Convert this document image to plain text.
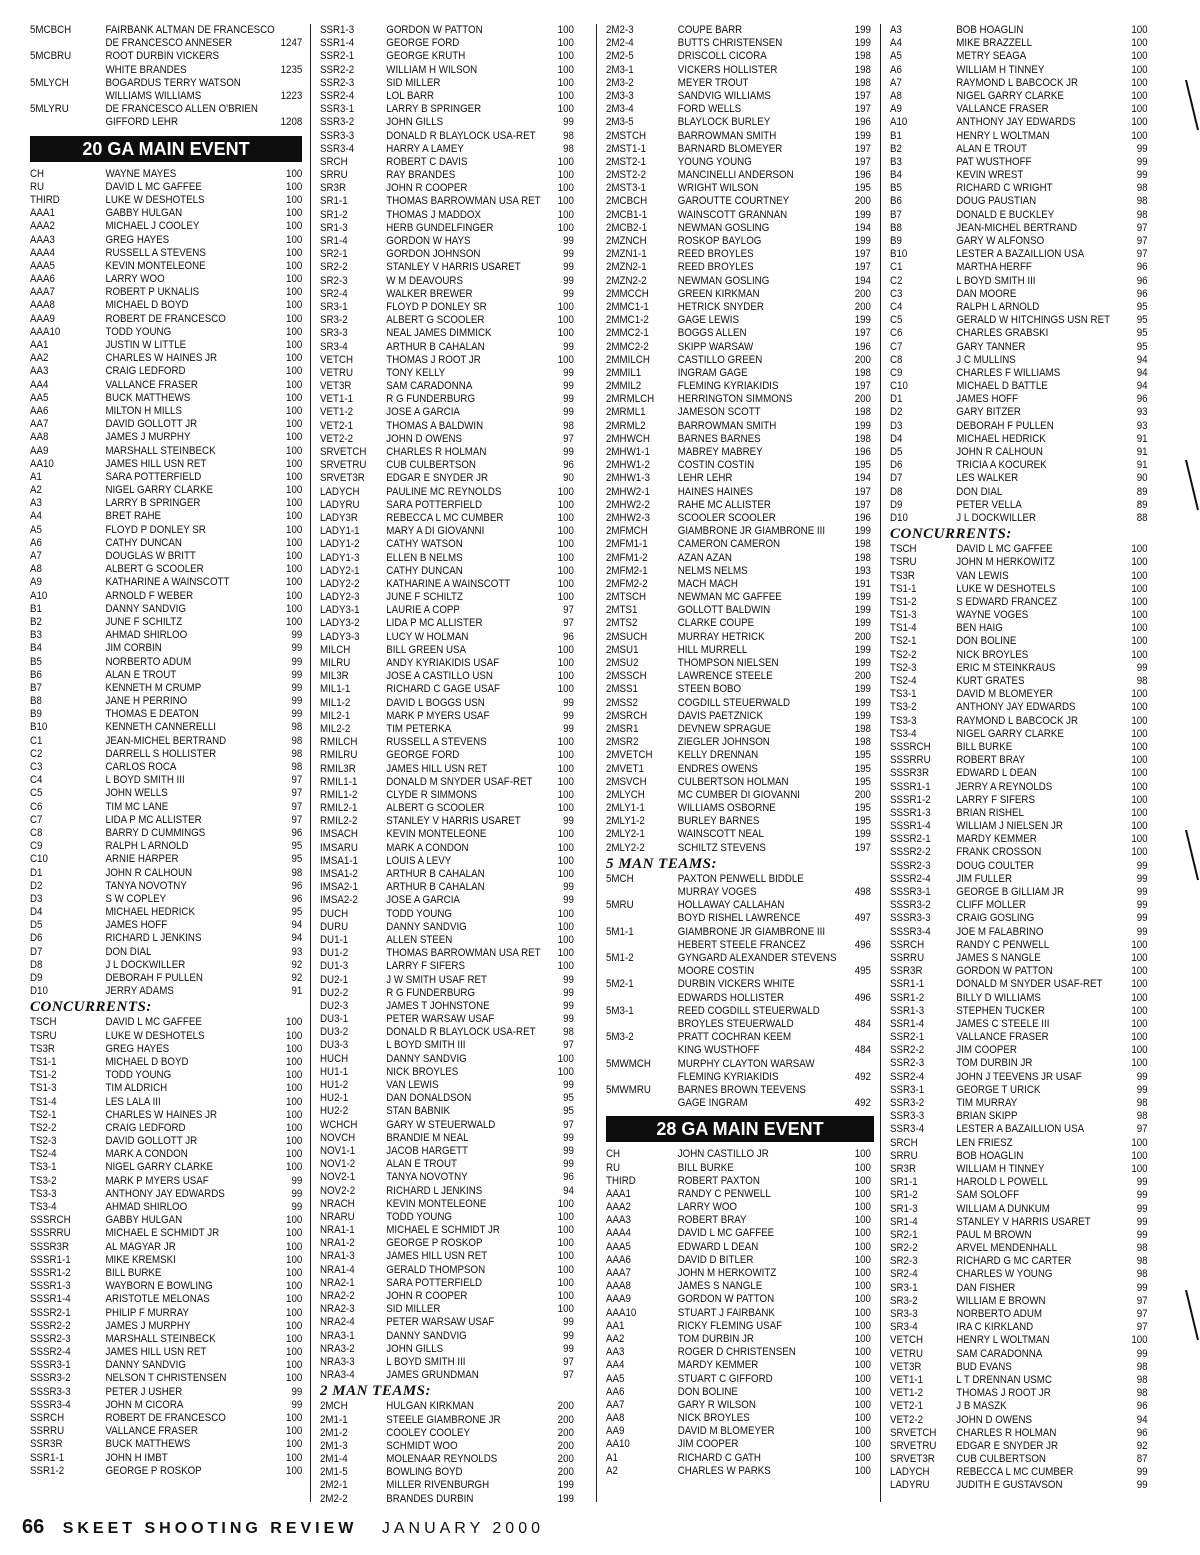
5MCBCH	FAIRBANK ALTMAN DE FRANCESCO
DE FRANCESCO ANNESER	1247
5MCBRU	ROOT DURBIN VICKERS
WHITE BRANDES	1235
5MLYCH	BOGARDUS TERRY WATSON
WILLIAMS WILLIAMS	1223
5MLYRU	DE FRANCESCO ALLEN O'BRIEN
GIFFORD LEHR	1208
20 GA MAIN EVENT
CH	WAYNE MAYES	100
RU	DAVID L MC GAFFEE	100
THIRD	LUKE W DESHOTELS	100
AAA1	GABBY HULGAN	100
AAA2	MICHAEL J COOLEY	100
AAA3	GREG HAYES	100
AAA4	RUSSELL A STEVENS	100
AAA5	KEVIN MONTELEONE	100
AAA6	LARRY WOO	100
AAA7	ROBERT P UKNALIS	100
AAA8	MICHAEL D BOYD	100
AAA9	ROBERT DE FRANCESCO	100
AAA10	TODD YOUNG	100
AA1	JUSTIN W LITTLE	100
AA2	CHARLES W HAINES JR	100
AA3	CRAIG LEDFORD	100
AA4	VALLANCE FRASER	100
AA5	BUCK MATTHEWS	100
AA6	MILTON H MILLS	100
AA7	DAVID GOLLOTT JR	100
AA8	JAMES J MURPHY	100
AA9	MARSHALL STEINBECK	100
AA10	JAMES HILL USN RET	100
A1	SARA POTTERFIELD	100
A2	NIGEL GARRY CLARKE	100
A3	LARRY B SPRINGER	100
A4	BRET RAHE	100
A5	FLOYD P DONLEY SR	100
A6	CATHY DUNCAN	100
A7	DOUGLAS W BRITT	100
A8	ALBERT G SCOOLER	100
A9	KATHARINE A WAINSCOTT	100
A10	ARNOLD F WEBER	100
B1	DANNY SANDVIG	100
B2	JUNE F SCHILTZ	100
B3	AHMAD SHIRLOO	99
B4	JIM CORBIN	99
B5	NORBERTO ADUM	99
B6	ALAN E TROUT	99
B7	KENNETH M CRUMP	99
B8	JANE H PERRINO	99
B9	THOMAS E DEATON	99
B10	KENNETH CANNERELLI	98
C1	JEAN-MICHEL BERTRAND	98
C2	DARRELL S HOLLISTER	98
C3	CARLOS ROCA	98
C4	L BOYD SMITH III	97
C5	JOHN WELLS	97
C6	TIM MC LANE	97
C7	LIDA P MC ALLISTER	97
C8	BARRY D CUMMINGS	96
C9	RALPH L ARNOLD	95
C10	ARNIE HARPER	95
D1	JOHN R CALHOUN	98
D2	TANYA NOVOTNY	96
D3	S W COPLEY	96
D4	MICHAEL HEDRICK	95
D5	JAMES HOFF	94
D6	RICHARD L JENKINS	94
D7	DON DIAL	93
D8	J L DOCKWILLER	92
D9	DEBORAH F PULLEN	92
D10	JERRY ADAMS	91
CONCURRENTS:
TSCH	DAVID L MC GAFFEE	100
TSRU	LUKE W DESHOTELS	100
TS3R	GREG HAYES	100
TS1-1	MICHAEL D BOYD	100
TS1-2	TODD YOUNG	100
TS1-3	TIM ALDRICH	100
TS1-4	LES LALA III	100
TS2-1	CHARLES W HAINES JR	100
TS2-2	CRAIG LEDFORD	100
TS2-3	DAVID GOLLOTT JR	100
TS2-4	MARK A CONDON	100
TS3-1	NIGEL GARRY CLARKE	100
TS3-2	MARK P MYERS USAF	99
TS3-3	ANTHONY JAY EDWARDS	99
TS3-4	AHMAD SHIRLOO	99
SSSRCH	GABBY HULGAN	100
SSSRRU	MICHAEL E SCHMIDT JR	100
SSSR3R	AL MAGYAR JR	100
SSSR1-1	MIKE KREMSKI	100
SSSR1-2	BILL BURKE	100
SSSR1-3	WAYBORN E BOWLING	100
SSSR1-4	ARISTOTLE MELONAS	100
SSSR2-1	PHILIP F MURRAY	100
SSSR2-2	JAMES J MURPHY	100
SSSR2-3	MARSHALL STEINBECK	100
SSSR2-4	JAMES HILL USN RET	100
SSSR3-1	DANNY SANDVIG	100
SSSR3-2	NELSON T CHRISTENSEN	100
SSSR3-3	PETER J USHER	99
SSSR3-4	JOHN M CICORA	99
SSRCH	ROBERT DE FRANCESCO	100
SSRRU	VALLANCE FRASER	100
SSR3R	BUCK MATTHEWS	100
SSR1-1	JOHN H IMBT	100
SSR1-2	GEORGE P ROSKOP	100
SSR1-3	GORDON W PATTON	100
SSR1-4	GEORGE FORD	100
SSR2-1	GEORGE KRUTH	100
SSR2-2	WILLIAM H WILSON	100
SSR2-3	SID MILLER	100
SSR2-4	LOL BARR	100
SSR3-1	LARRY B SPRINGER	100
SSR3-2	JOHN GILLS	99
SSR3-3	DONALD R BLAYLOCK USA-RET	98
SSR3-4	HARRY A LAMEY	98
SRCH	ROBERT C DAVIS	100
SRRU	RAY BRANDES	100
SR3R	JOHN R COOPER	100
SR1-1	THOMAS BARROWMAN USA RET	100
SR1-2	THOMAS J MADDOX	100
SR1-3	HERB GUNDELFINGER	100
SR1-4	GORDON W HAYS	99
SR2-1	GORDON JOHNSON	99
SR2-2	STANLEY V HARRIS USARET	99
SR2-3	W M DEAVOURS	99
SR2-4	WALKER BREWER	99
SR3-1	FLOYD P DONLEY SR	100
SR3-2	ALBERT G SCOOLER	100
SR3-3	NEAL JAMES DIMMICK	100
SR3-4	ARTHUR B CAHALAN	99
VETCH	THOMAS J ROOT JR	100
VETRU	TONY KELLY	99
VET3R	SAM CARADONNA	99
VET1-1	R G FUNDERBURG	99
VET1-2	JOSE A GARCIA	99
VET2-1	THOMAS A BALDWIN	98
VET2-2	JOHN D OWENS	97
SRVETCH CHARLES R HOLMAN	99
SRVETRU CUB CULBERTSON	96
SRVET3R EDGAR E SNYDER JR	90
LADYCH	PAULINE MC REYNOLDS	100
LADYRU	SARA POTTERFIELD	100
LADY3R	REBECCA L MC CUMBER	100
LADY1-1	MARY A DI GIOVANNI	100
LADY1-2	CATHY WATSON	100
LADY1-3	ELLEN B NELMS	100
LADY2-1	CATHY DUNCAN	100
LADY2-2	KATHARINE A WAINSCOTT	100
LADY2-3	JUNE F SCHILTZ	100
LADY3-1	LAURIE A COPP	97
LADY3-2	LIDA P MC ALLISTER	97
LADY3-3	LUCY W HOLMAN	96
MILCH	BILL GREEN USA	100
MILRU	ANDY KYRIAKIDIS USAF	100
MIL3R	JOSE A CASTILLO USN	100
MIL1-1	RICHARD C GAGE USAF	100
MIL1-2	DAVID L BOGGS USN	99
MIL2-1	MARK P MYERS USAF	99
MIL2-2	TIM PETERKA	99
RMILCH	RUSSELL A STEVENS	100
RMILRU	GEORGE FORD	100
RMIL3R	JAMES HILL USN RET	100
RMIL1-1	DONALD M SNYDER USAF-RET	100
RMIL1-2	CLYDE R SIMMONS	100
RMIL2-1	ALBERT G SCOOLER	100
RMIL2-2	STANLEY V HARRIS USARET	99
IMSACH	KEVIN MONTELEONE	100
IMSARU	MARK A CONDON	100
IMSA1-1	LOUIS A LEVY	100
IMSA1-2	ARTHUR B CAHALAN	100
IMSA2-1	ARTHUR B CAHALAN	99
IMSA2-2	JOSE A GARCIA	99
DUCH	TODD YOUNG	100
DURU	DANNY SANDVIG	100
DU1-1	ALLEN STEEN	100
DU1-2	THOMAS BARROWMAN USA RET	100
DU1-3	LARRY F SIFERS	100
DU2-1	J W SMITH USAF RET	99
DU2-2	R G FUNDERBURG	99
DU2-3	JAMES T JOHNSTONE	99
DU3-1	PETER WARSAW USAF	99
DU3-2	DONALD R BLAYLOCK USA-RET	98
DU3-3	L BOYD SMITH III	97
HUCH	DANNY SANDVIG	100
HU1-1	NICK BROYLES	100
HU1-2	VAN LEWIS	99
HU2-1	DAN DONALDSON	95
HU2-2	STAN BABNIK	95
WCHCH	GARY W STEUERWALD	97
NOVCH	BRANDIE M NEAL	99
NOV1-1	JACOB HARGETT	99
NOV1-2	ALAN E TROUT	99
NOV2-1	TANYA NOVOTNY	96
NOV2-2	RICHARD L JENKINS	94
NRACH	KEVIN MONTELEONE	100
NRARU	TODD YOUNG	100
NRA1-1	MICHAEL E SCHMIDT JR	100
NRA1-2	GEORGE P ROSKOP	100
NRA1-3	JAMES HILL USN RET	100
NRA1-4	GERALD THOMPSON	100
NRA2-1	SARA POTTERFIELD	100
NRA2-2	JOHN R COOPER	100
NRA2-3	SID MILLER	100
NRA2-4	PETER WARSAW USAF	99
NRA3-1	DANNY SANDVIG	99
NRA3-2	JOHN GILLS	99
NRA3-3	L BOYD SMITH III	97
NRA3-4	JAMES GRUNDMAN	97
2 MAN TEAMS:
2MCH	HULGAN KIRKMAN	200
2M1-1	STEELE GIAMBRONE JR	200
2M1-2	COOLEY COOLEY	200
2M1-3	SCHMIDT WOO	200
2M1-4	MOLENAAR REYNOLDS	200
2M1-5	BOWLING BOYD	200
2M2-1	MILLER RIVENBURGH	199
2M2-2	BRANDES DURBIN	199
2M2-3	COUPE BARR	199
2M2-4	BUTTS CHRISTENSEN	199
2M2-5	DRISCOLL CICORA	198
2M3-1	VICKERS HOLLISTER	198
2M3-2	MEYER TROUT	198
2M3-3	SANDVIG WILLIAMS	197
2M3-4	FORD WELLS	197
2M3-5	BLAYLOCK BURLEY	196
2MSTCH	BARROWMAN SMITH	199
2MST1-1	BARNARD BLOMEYER	197
2MST2-1	YOUNG YOUNG	197
2MST2-2	MANCINELLI ANDERSON	196
2MST3-1	WRIGHT WILSON	195
2MCBCH	GAROUTTE COURTNEY	200
2MCB1-1	WAINSCOTT GRANNAN	199
2MCB2-1	NEWMAN GOSLING	194
2MZNCH	ROSKOP BAYLOG	199
2MZN1-1	REED BROYLES	197
2MZN2-1	REED BROYLES	197
2MZN2-2	NEWMAN GOSLING	194
2MMCCH	GREEN KIRKMAN	200
2MMC1-1	HETRICK SNYDER	200
2MMC1-2	GAGE LEWIS	199
2MMC2-1	BOGGS ALLEN	197
2MMC2-2	SKIPP WARSAW	196
2MMILCH	CASTILLO GREEN	200
2MMIL1	INGRAM GAGE	198
2MMIL2	FLEMING KYRIAKIDIS	197
2MRMLCH HERRINGTON SIMMONS	200
2MRML1	JAMESON SCOTT	198
2MRML2	BARROWMAN SMITH	199
2MHWCH	BARNES BARNES	198
2MHW1-1	MABREY MABREY	196
2MHW1-2	COSTIN COSTIN	195
2MHW1-3	LEHR LEHR	194
2MHW2-1	HAINES HAINES	197
2MHW2-2	RAHE MC ALLISTER	197
2MHW2-3	SCOOLER SCOOLER	196
2MFMCH	GIAMBRONE JR GIAMBRONE III	199
2MFM1-1	CAMERON CAMERON	198
2MFM1-2	AZAN AZAN	198
2MFM2-1	NELMS NELMS	193
2MFM2-2	MACH MACH	191
2MTSCH	NEWMAN MC GAFFEE	199
2MTS1	GOLLOTT BALDWIN	199
2MTS2	CLARKE COUPE	199
2MSUCH	MURRAY HETRICK	200
2MSU1	HILL MURRELL	199
2MSU2	THOMPSON NIELSEN	199
2MSSCH	LAWRENCE STEELE	200
2MSS1	STEEN BOBO	199
2MSS2	COGDILL STEUERWALD	199
2MSRCH	DAVIS PAETZNICK	199
2MSR1	DEVNEW SPRAGUE	198
2MSR2	ZIEGLER JOHNSON	198
2MVETCH KELLY DRENNAN	195
2MVET1	ENDRES OWENS	195
2MSVCH	CULBERTSON HOLMAN	195
2MLYCH	MC CUMBER DI GIOVANNI	200
2MLY1-1	WILLIAMS OSBORNE	195
2MLY1-2	BURLEY BARNES	195
2MLY2-1	WAINSCOTT NEAL	199
2MLY2-2	SCHILTZ STEVENS	197
5 MAN TEAMS:
5MCH	PAXTON PENWELL BIDDLE
MURRAY VOGES	498
5MRU	HOLLAWAY CALLAHAN
BOYD RISHEL LAWRENCE	497
5M1-1	GIAMBRONE JR GIAMBRONE III
HEBERT STEELE FRANCEZ	496
5M1-2	GYNGARD ALEXANDER STEVENS
MOORE COSTIN	495
5M2-1	DURBIN VICKERS WHITE
EDWARDS HOLLISTER	496
5M3-1	REED COGDILL STEUERWALD
BROYLES STEUERWALD	484
5M3-2	PRATT COCHRAN KEEM
KING WUSTHOFF	484
5MWMCH	MURPHY CLAYTON WARSAW
FLEMING KYRIAKIDIS	492
5MWMRU	BARNES BROWN TEEVENS
GAGE INGRAM	492
28 GA MAIN EVENT
CH	JOHN CASTILLO JR	100
RU	BILL BURKE	100
THIRD	ROBERT PAXTON	100
AAA1	RANDY C PENWELL	100
AAA2	LARRY WOO	100
AAA3	ROBERT BRAY	100
AAA4	DAVID L MC GAFFEE	100
AAA5	EDWARD L DEAN	100
AAA6	DAVID D BITLER	100
AAA7	JOHN M HERKOWITZ	100
AAA8	JAMES S NANGLE	100
AAA9	GORDON W PATTON	100
AAA10	STUART J FAIRBANK	100
AA1	RICKY FLEMING USAF	100
AA2	TOM DURBIN JR	100
AA3	ROGER D CHRISTENSEN	100
AA4	MARDY KEMMER	100
AA5	STUART C GIFFORD	100
AA6	DON BOLINE	100
AA7	GARY R WILSON	100
AA8	NICK BROYLES	100
AA9	DAVID M BLOMEYER	100
AA10	JIM COOPER	100
A1	RICHARD C GATH	100
A2	CHARLES W PARKS	100
A3	BOB HOAGLIN	100
A4	MIKE BRAZZELL	100
A5	METRY SEAGA	100
A6	WILLIAM H TINNEY	100
A7	RAYMOND L BABCOCK JR	100
A8	NIGEL GARRY CLARKE	100
A9	VALLANCE FRASER	100
A10	ANTHONY JAY EDWARDS	100
B1	HENRY L WOLTMAN	100
B2	ALAN E TROUT	99
B3	PAT WUSTHOFF	99
B4	KEVIN WREST	99
B5	RICHARD C WRIGHT	98
B6	DOUG PAUSTIAN	98
B7	DONALD E BUCKLEY	98
B8	JEAN-MICHEL BERTRAND	97
B9	GARY W ALFONSO	97
B10	LESTER A BAZAILLION USA	97
C1	MARTHA HERFF	96
C2	L BOYD SMITH III	96
C3	DAN MOORE	96
C4	RALPH L ARNOLD	95
C5	GERALD W HITCHINGS USN RET	95
C6	CHARLES GRABSKI	95
C7	GARY TANNER	95
C8	J C MULLINS	94
C9	CHARLES F WILLIAMS	94
C10	MICHAEL D BATTLE	94
D1	JAMES HOFF	96
D2	GARY BITZER	93
D3	DEBORAH F PULLEN	93
D4	MICHAEL HEDRICK	91
D5	JOHN R CALHOUN	91
D6	TRICIA A KOCUREK	91
D7	LES WALKER	90
D8	DON DIAL	89
D9	PETER VELLA	89
D10	J L DOCKWILLER	88
CONCURRENTS:
TSCH	DAVID L MC GAFFEE	100
TSRU	JOHN M HERKOWITZ	100
TS3R	VAN LEWIS	100
TS1-1	LUKE W DESHOTELS	100
TS1-2	S EDWARD FRANCEZ	100
TS1-3	WAYNE VOGES	100
TS1-4	BEN HAIG	100
TS2-1	DON BOLINE	100
TS2-2	NICK BROYLES	100
TS2-3	ERIC M STEINKRAUS	99
TS2-4	KURT GRATES	98
TS3-1	DAVID M BLOMEYER	100
TS3-2	ANTHONY JAY EDWARDS	100
TS3-3	RAYMOND L BABCOCK JR	100
TS3-4	NIGEL GARRY CLARKE	100
SSSRCH BILL BURKE	100
SSSRRU ROBERT BRAY	100
SSSR3R	EDWARD L DEAN	100
SSSR1-1 JERRY A REYNOLDS	100
SSSR1-2 LARRY F SIFERS	100
SSSR1-3 BRIAN RISHEL	100
SSSR1-4 WILLIAM J NIELSEN JR	100
SSSR2-1 MARDY KEMMER	100
SSSR2-2 FRANK CROSSON	100
SSSR2-3 DOUG COULTER	99
SSSR2-4 JIM FULLER	99
SSSR3-1 GEORGE B GILLIAM JR	99
SSSR3-2 CLIFF MOLLER	99
SSSR3-3 CRAIG GOSLING	99
SSSR3-4 JOE M FALABRINO	99
SSRCH	RANDY C PENWELL	100
SSRRU	JAMES S NANGLE	100
SSR3R	GORDON W PATTON	100
SSR1-1	DONALD M SNYDER USAF-RET	100
SSR1-2	BILLY D WILLIAMS	100
SSR1-3	STEPHEN TUCKER	100
SSR1-4	JAMES C STEELE III	100
SSR2-1	VALLANCE FRASER	100
SSR2-2	JIM COOPER	100
SSR2-3	TOM DURBIN JR	100
SSR2-4	JOHN J TEEVENS JR USAF	99
SSR3-1	GEORGE T URICK	99
SSR3-2	TIM MURRAY	98
SSR3-3	BRIAN SKIPP	98
SSR3-4	LESTER A BAZAILLION USA	97
SRCH	LEN FRIESZ	100
SRRU	BOB HOAGLIN	100
SR3R	WILLIAM H TINNEY	100
SR1-1	HAROLD L POWELL	99
SR1-2	SAM SOLOFF	99
SR1-3	WILLIAM A DUNKUM	99
SR1-4	STANLEY V HARRIS USARET	99
SR2-1	PAUL M BROWN	99
SR2-2	ARVEL MENDENHALL	98
SR2-3	RICHARD G MC CARTER	98
SR2-4	CHARLES W YOUNG	98
SR3-1	DAN FISHER	99
SR3-2	WILLIAM E BROWN	97
SR3-3	NORBERTO ADUM	97
SR3-4	IRA C KIRKLAND	97
VETCH	HENRY L WOLTMAN	100
VETRU	SAM CARADONNA	99
VET3R	BUD EVANS	98
VET1-1	L T DRENNAN USMC	98
VET1-2	THOMAS J ROOT JR	98
VET2-1	J B MASZK	96
VET2-2	JOHN D OWENS	94
SRVETCH CHARLES R HOLMAN	96
SRVETRU EDGAR E SNYDER JR	92
SRVET3R CUB CULBERTSON	87
LADYCH	REBECCA L MC CUMBER	99
LADYRU	JUDITH E GUSTAVSON	99
66 SKEET SHOOTING REVIEW JANUARY 2000
